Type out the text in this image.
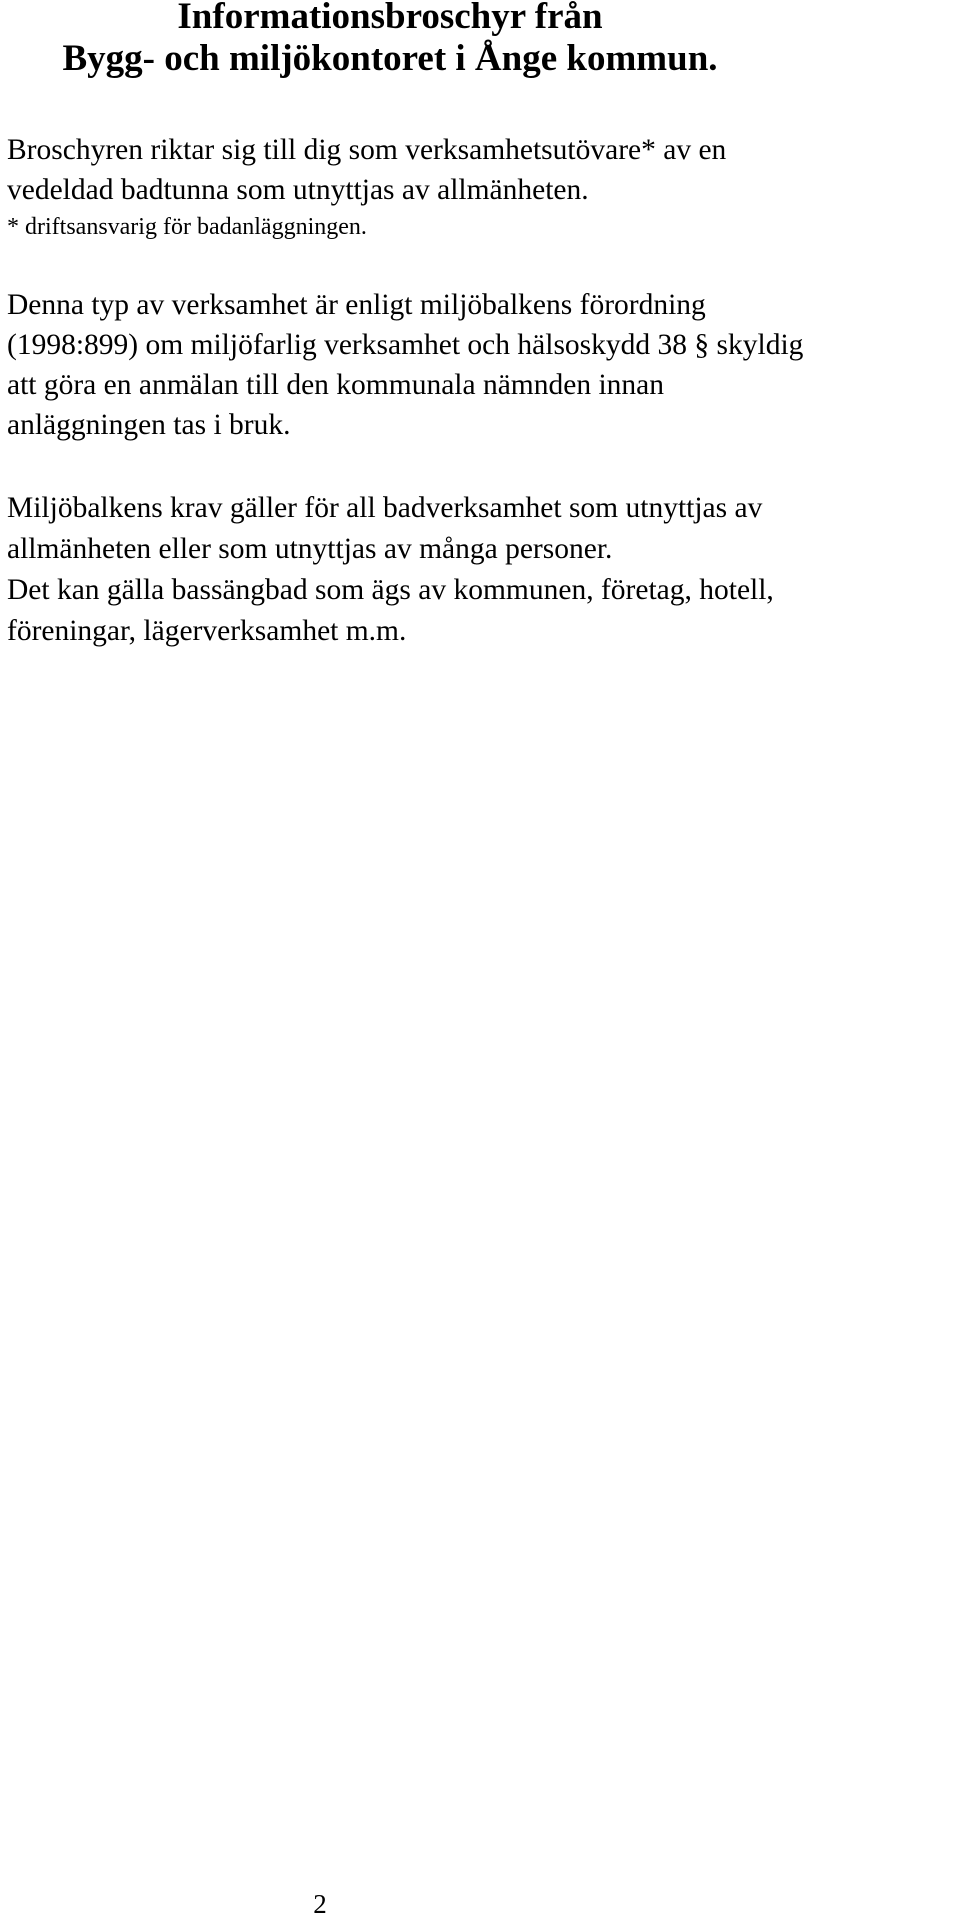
Informationsbroschyr från
Bygg- och miljökontoret i Ånge kommun.

Broschyren riktar sig till dig som verksamhetsutövare* av en

vedeldad badtunna som utnyttjas av allmänheten.

* driftsansvarig för badanläggningen.

Denna typ av verksamhet är enligt miljöbalkens förordning

(1998:899) om miljöfarlig verksamhet och hälsoskydd 38 § skyldig

att göra en anmälan till den kommunala nämnden innan

anläggningen tas i bruk.

Miljöbalkens krav gäller för all badverksamhet som utnyttjas av

allmänheten eller som utnyttjas av många personer.

Det kan gälla bassängbad som ägs av kommunen, företag, hotell,

föreningar, lägerverksamhet m.m.

2
